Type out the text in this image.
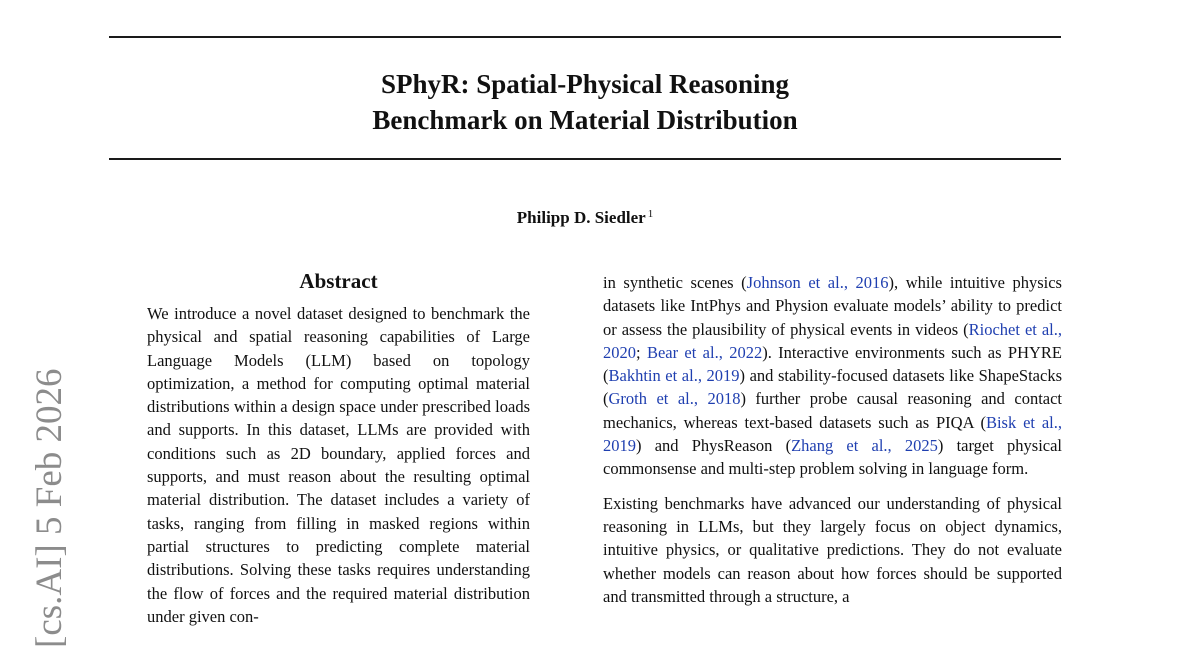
SPhyR: Spatial-Physical Reasoning
Benchmark on Material Distribution
Philipp D. Siedler $^1$
[cs.AI] 5 Feb 2026
Abstract

We introduce a novel dataset designed to benchmark the physical and spatial reasoning capabilities of Large Language Models (LLM) based on topology optimization, a method for computing optimal material distributions within a design space under prescribed loads and supports. In this dataset, LLMs are provided with conditions such as 2D boundary, applied forces and supports, and must reason about the resulting optimal material distribution. The dataset includes a variety of tasks, ranging from filling in masked regions within partial structures to predicting complete material distributions. Solving these tasks requires understanding the flow of forces and the required material distribution under given con-

in synthetic scenes (Johnson et al., 2016), while intuitive physics datasets like IntPhys and Physion evaluate models’ ability to predict or assess the plausibility of physical events in videos (Riochet et al., 2020; Bear et al., 2022). Interactive environments such as PHYRE (Bakhtin et al., 2019) and stability-focused datasets like ShapeStacks (Groth et al., 2018) further probe causal reasoning and contact mechanics, whereas text-based datasets such as PIQA (Bisk et al., 2019) and PhysReason (Zhang et al., 2025) target physical commonsense and multi-step problem solving in language form.

Existing benchmarks have advanced our understanding of physical reasoning in LLMs, but they largely focus on object dynamics, intuitive physics, or qualitative predictions. They do not evaluate whether models can reason about how forces should be supported and transmitted through a structure, a
